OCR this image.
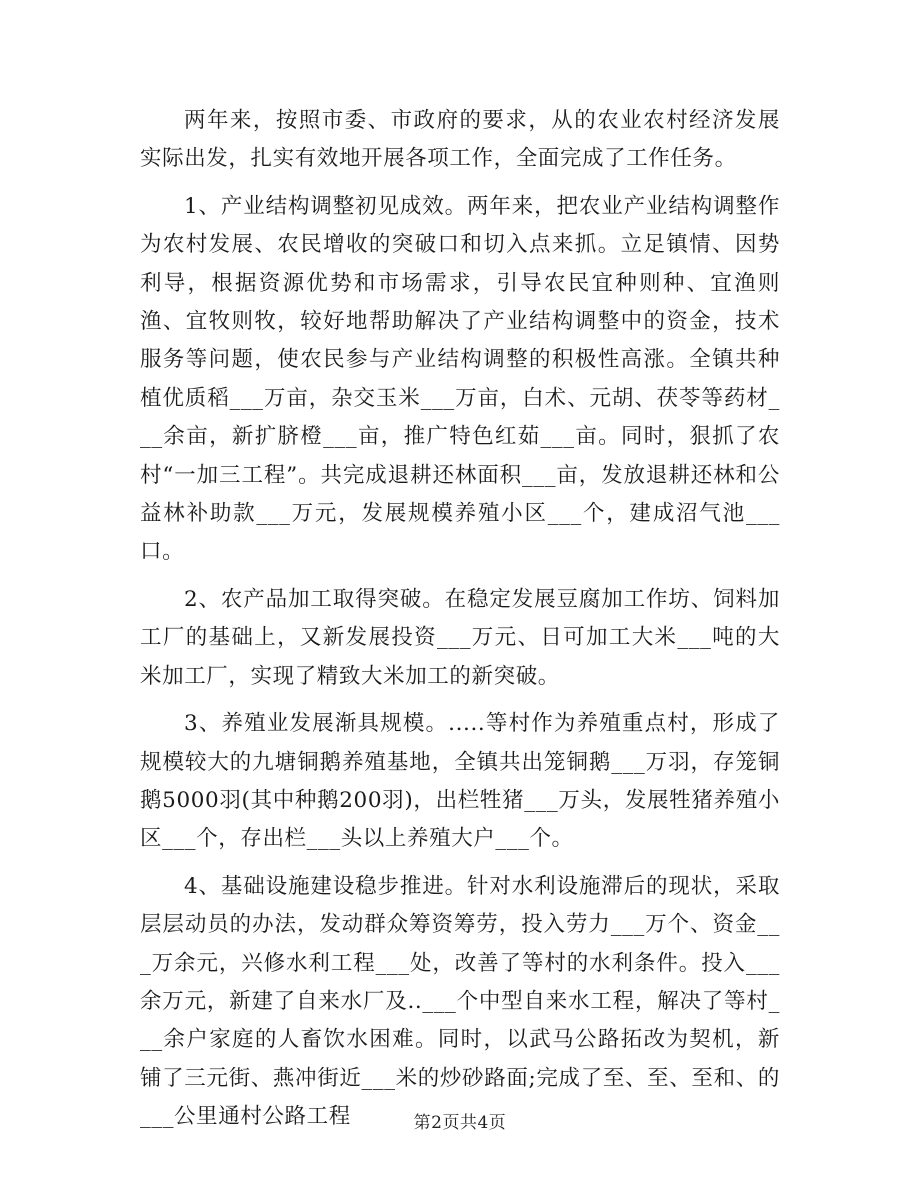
两年来，按照市委、市政府的要求，从的农业农村经济发展实际出发，扎实有效地开展各项工作，全面完成了工作任务。

1、产业结构调整初见成效。两年来，把农业产业结构调整作为农村发展、农民增收的突破口和切入点来抓。立足镇情、因势利导，根据资源优势和市场需求，引导农民宜种则种、宜渔则渔、宜牧则牧，较好地帮助解决了产业结构调整中的资金，技术服务等问题，使农民参与产业结构调整的积极性高涨。全镇共种植优质稻___万亩，杂交玉米___万亩，白术、元胡、茯苓等药材___余亩，新扩脐橙___亩，推广特色红茹___亩。同时，狠抓了农村“一加三工程”。共完成退耕还林面积___亩，发放退耕还林和公益林补助款___万元，发展规模养殖小区___个，建成沼气池___口。

2、农产品加工取得突破。在稳定发展豆腐加工作坊、饲料加工厂的基础上，又新发展投资___万元、日可加工大米___吨的大米加工厂，实现了精致大米加工的新突破。

3、养殖业发展渐具规模。.....等村作为养殖重点村，形成了规模较大的九塘铜鹅养殖基地，全镇共出笼铜鹅___万羽，存笼铜鹅5000羽(其中种鹅200羽)，出栏牲猪___万头，发展牲猪养殖小区___个，存出栏___头以上养殖大户___个。

4、基础设施建设稳步推进。针对水利设施滞后的现状，采取层层动员的办法，发动群众筹资筹劳，投入劳力___万个、资金___万余元，兴修水利工程___处，改善了等村的水利条件。投入___余万元，新建了自来水厂及..___个中型自来水工程，解决了等村___余户家庭的人畜饮水困难。同时，以武马公路拓改为契机，新铺了三元街、燕冲街近___米的炒砂路面;完成了至、至、至和、的___公里通村公路工程	第2页共4页
